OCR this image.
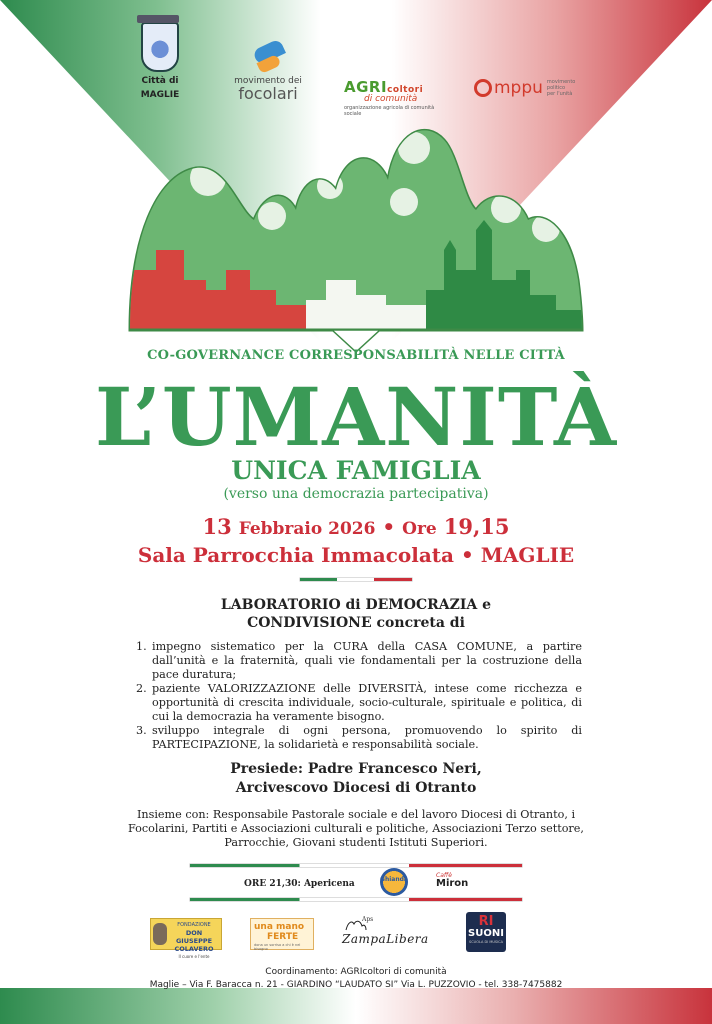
Città di
MAGLIE
movimento dei
focolari	AGRIcoltori
di comunità
organizzazione agricola di comunità sociale
mppu movimento politico per l'unità
CO-GOVERNANCE CORRESPONSABILITÀ NELLE CITTÀ
L’UMANITÀ
UNICA FAMIGLIA
(verso una democrazia partecipativa)
13 Febbraio 2026 • Ore 19,15
Sala Parrocchia Immacolata • MAGLIE
LABORATORIO di DEMOCRAZIA e
CONDIVISIONE concreta di
1. impegno sistematico per la CURA della CASA COMUNE, a partire dall’unità e la fraternità, quali vie fondamentali per la costruzione della pace duratura;
2. paziente VALORIZZAZIONE delle DIVERSITÀ, intese come ricchezza e opportunità di crescita individuale, socio-culturale, spirituale e politica, di cui la democrazia ha veramente bisogno.
3. sviluppo integrale di ogni persona, promuovendo lo spirito di PARTECIPAZIONE, la solidarietà e responsabilità sociale.
Presiede: Padre Francesco Neri,
Arcivescovo Diocesi di Otranto
Insieme con: Responsabile Pastorale sociale e del lavoro Diocesi di Otranto, i Focolarini, Partiti e Associazioni culturali e politiche, Associazioni Terzo settore, Parrocchie, Giovani studenti Istituti Superiori.
ORE 21,30: Apericena	Ghianda
Caffè
Miron
FONDAZIONE
DON GIUSEPPE COLAVERO
Il cuore e l'ente
una mano
FERTE
dona un sorriso a chi è nel bisogno
Aps
ZampaLibera
RI
SUONI
SCUOLA DI MUSICA
Coordinamento: AGRIcoltori di comunità
Maglie – Via F. Baracca n. 21 - GIARDINO “LAUDATO SI” Via L. PUZZOVIO - tel. 338-7475882
